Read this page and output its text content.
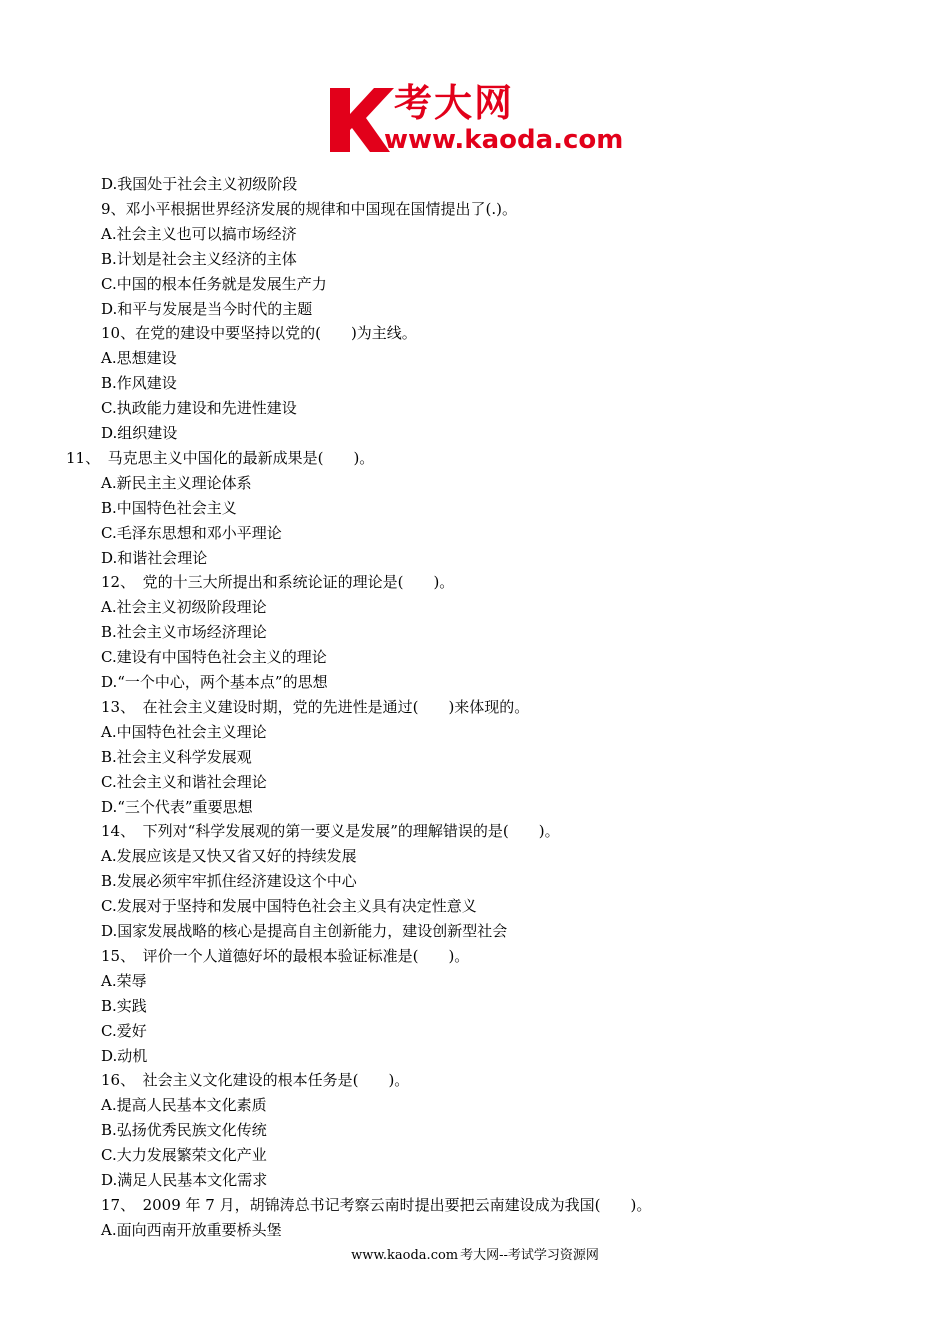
考大网
www.kaoda.com
D.我国处于社会主义初级阶段
9、邓小平根据世界经济发展的规律和中国现在国情提出了(.)。
A.社会主义也可以搞市场经济
B.计划是社会主义经济的主体
C.中国的根本任务就是发展生产力
D.和平与发展是当今时代的主题
10、在党的建设中要坚持以党的(　　)为主线。
A.思想建设
B.作风建设
C.执政能力建设和先进性建设
D.组织建设
11、　马克思主义中国化的最新成果是(　　)。
A.新民主主义理论体系
B.中国特色社会主义
C.毛泽东思想和邓小平理论
D.和谐社会理论
12、　党的十三大所提出和系统论证的理论是(　　)。
A.社会主义初级阶段理论
B.社会主义市场经济理论
C.建设有中国特色社会主义的理论
D.“一个中心，两个基本点”的思想
13、　在社会主义建设时期，党的先进性是通过(　　)来体现的。
A.中国特色社会主义理论
B.社会主义科学发展观
C.社会主义和谐社会理论
D.“三个代表”重要思想
14、　下列对“科学发展观的第一要义是发展”的理解错误的是(　　)。
A.发展应该是又快又省又好的持续发展
B.发展必须牢牢抓住经济建设这个中心
C.发展对于坚持和发展中国特色社会主义具有决定性意义
D.国家发展战略的核心是提高自主创新能力，建设创新型社会
15、　评价一个人道德好坏的最根本验证标准是(　　)。
A.荣辱
B.实践
C.爱好
D.动机
16、　社会主义文化建设的根本任务是(　　)。
A.提高人民基本文化素质
B.弘扬优秀民族文化传统
C.大力发展繁荣文化产业
D.满足人民基本文化需求
17、　2009 年 7 月，胡锦涛总书记考察云南时提出要把云南建设成为我国(　　)。
A.面向西南开放重要桥头堡
www.kaoda.com 考大网--考试学习资源网
